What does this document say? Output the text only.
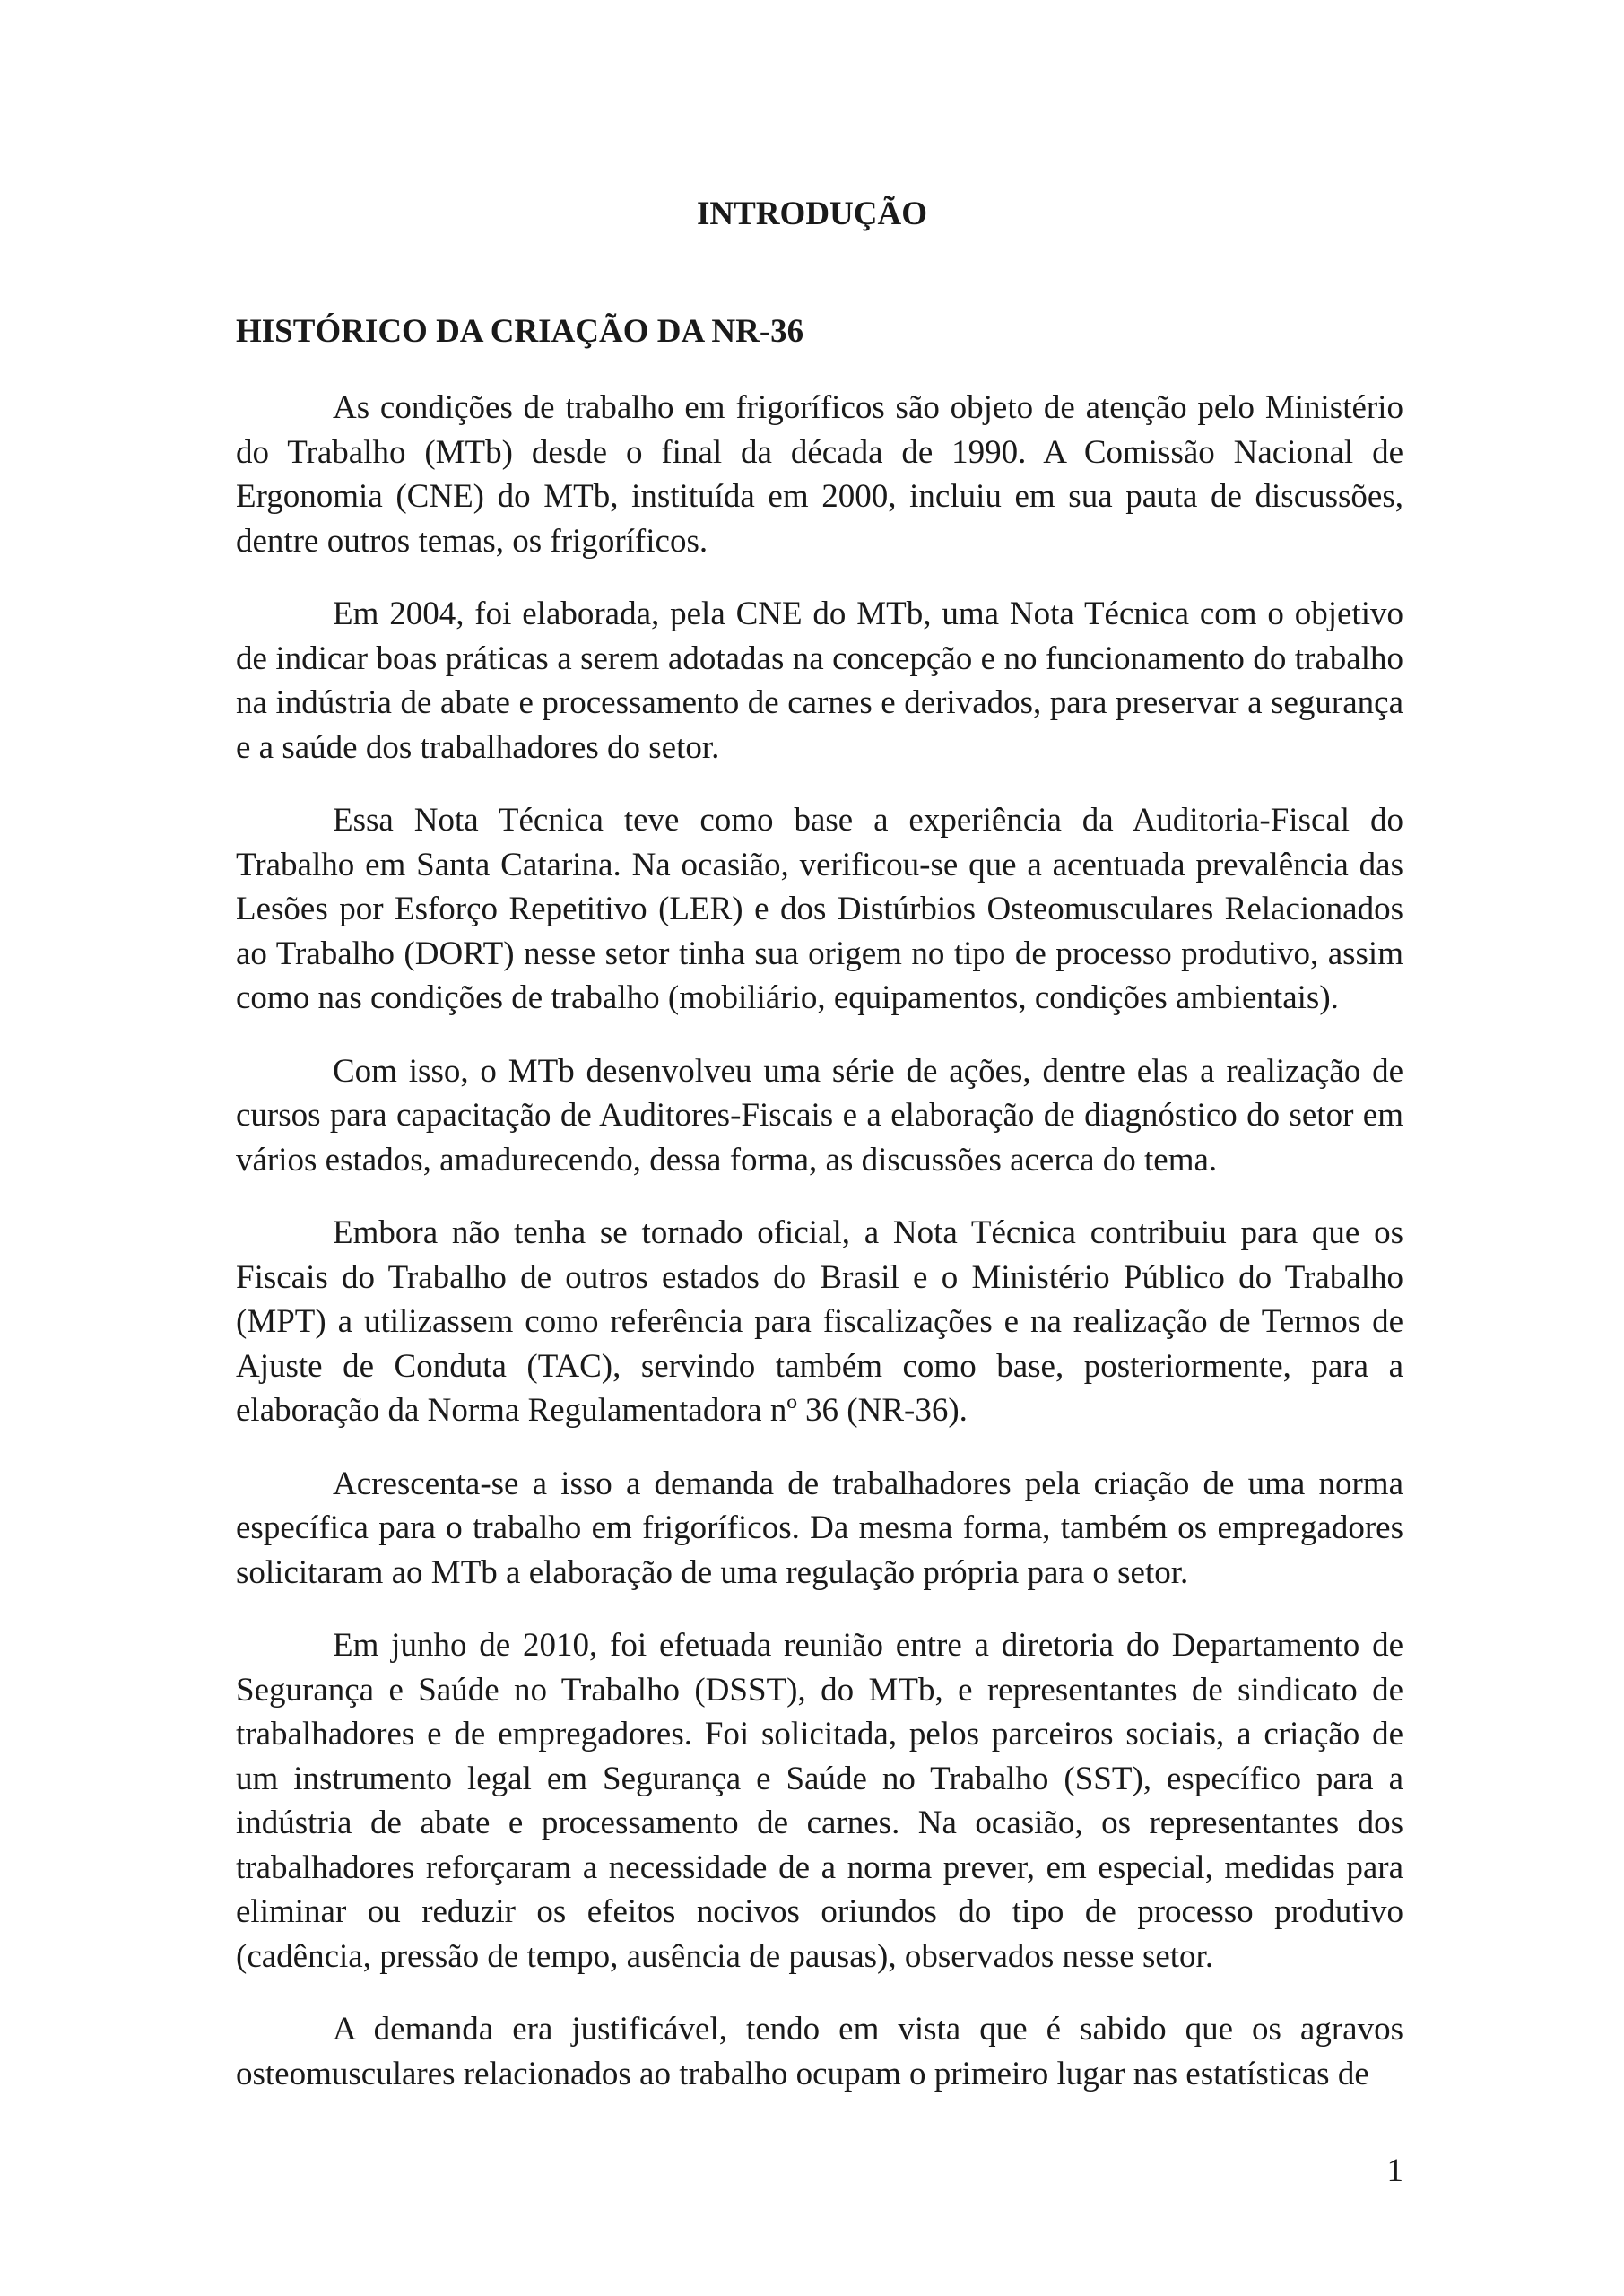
INTRODUÇÃO
HISTÓRICO DA CRIAÇÃO DA NR-36

As condições de trabalho em frigoríficos são objeto de atenção pelo Ministério do Trabalho (MTb) desde o final da década de 1990. A Comissão Nacional de Ergonomia (CNE) do MTb, instituída em 2000, incluiu em sua pauta de discussões, dentre outros temas, os frigoríficos.

Em 2004, foi elaborada, pela CNE do MTb, uma Nota Técnica com o objetivo de indicar boas práticas a serem adotadas na concepção e no funcionamento do trabalho na indústria de abate e processamento de carnes e derivados, para preservar a segurança e a saúde dos trabalhadores do setor.

Essa Nota Técnica teve como base a experiência da Auditoria-Fiscal do Trabalho em Santa Catarina. Na ocasião, verificou-se que a acentuada prevalência das Lesões por Esforço Repetitivo (LER) e dos Distúrbios Osteomusculares Relacionados ao Trabalho (DORT) nesse setor tinha sua origem no tipo de processo produtivo, assim como nas condições de trabalho (mobiliário, equipamentos, condições ambientais).

Com isso, o MTb desenvolveu uma série de ações, dentre elas a realização de cursos para capacitação de Auditores-Fiscais e a elaboração de diagnóstico do setor em vários estados, amadurecendo, dessa forma, as discussões acerca do tema.

Embora não tenha se tornado oficial, a Nota Técnica contribuiu para que os Fiscais do Trabalho de outros estados do Brasil e o Ministério Público do Trabalho (MPT) a utilizassem como referência para fiscalizações e na realização de Termos de Ajuste de Conduta (TAC), servindo também como base, posteriormente, para a elaboração da Norma Regulamentadora nº 36 (NR-36).

Acrescenta-se a isso a demanda de trabalhadores pela criação de uma norma específica para o trabalho em frigoríficos. Da mesma forma, também os empregadores solicitaram ao MTb a elaboração de uma regulação própria para o setor.

Em junho de 2010, foi efetuada reunião entre a diretoria do Departamento de Segurança e Saúde no Trabalho (DSST), do MTb, e representantes de sindicato de trabalhadores e de empregadores. Foi solicitada, pelos parceiros sociais, a criação de um instrumento legal em Segurança e Saúde no Trabalho (SST), específico para a indústria de abate e processamento de carnes. Na ocasião, os representantes dos trabalhadores reforçaram a necessidade de a norma prever, em especial, medidas para eliminar ou reduzir os efeitos nocivos oriundos do tipo de processo produtivo (cadência, pressão de tempo, ausência de pausas), observados nesse setor.

A demanda era justificável, tendo em vista que é sabido que os agravos osteomusculares relacionados ao trabalho ocupam o primeiro lugar nas estatísticas de

1
